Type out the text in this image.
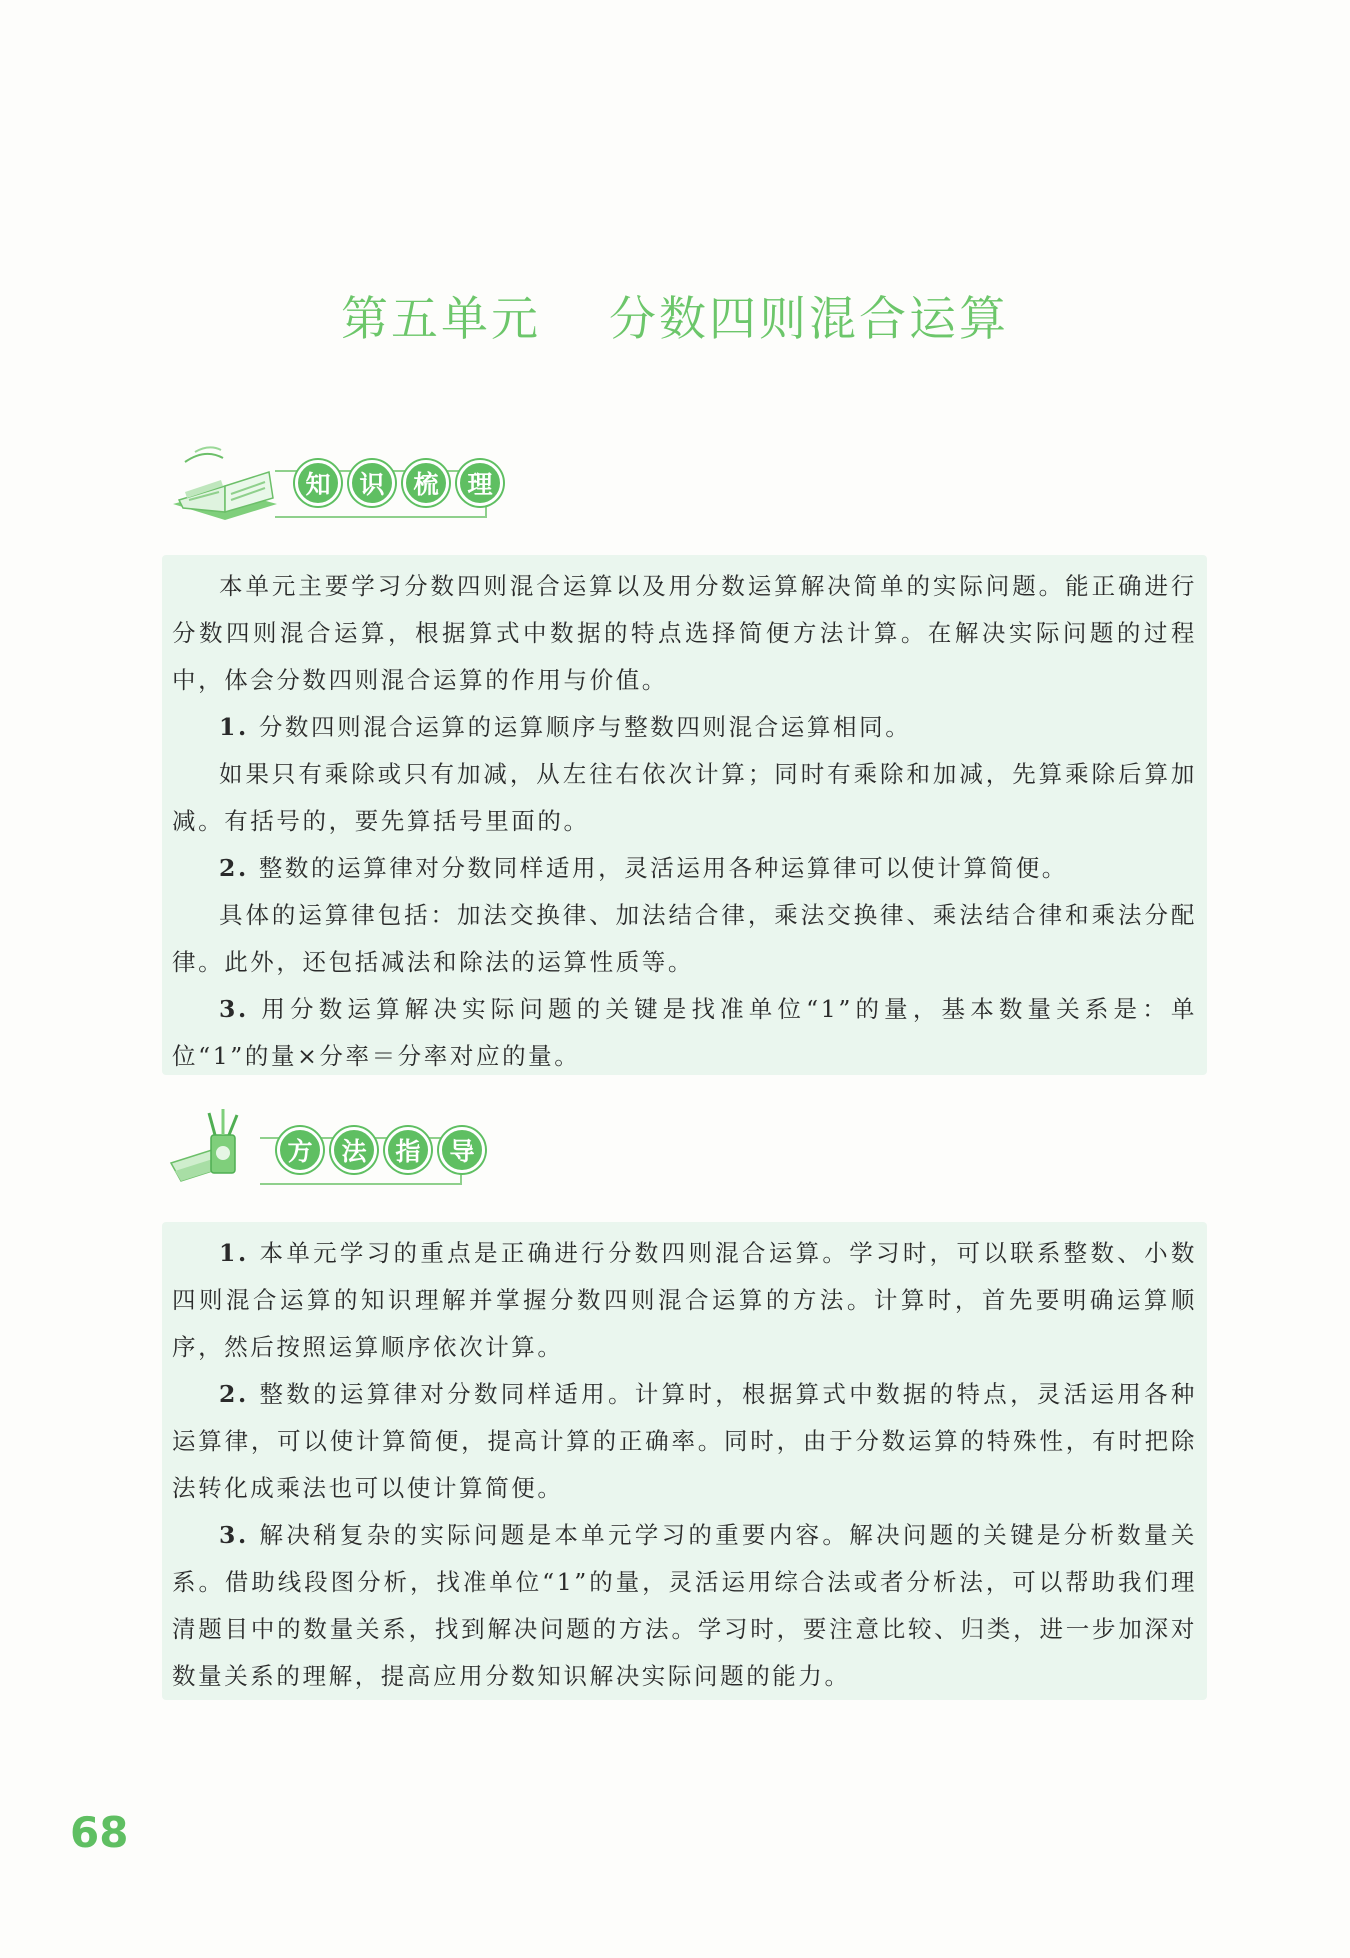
第五单元　 分数四则混合运算
知	识	梳	理

本单元主要学习分数四则混合运算以及用分数运算解决简单的实际问题。能正确进行分数四则混合运算，根据算式中数据的特点选择简便方法计算。在解决实际问题的过程中，体会分数四则混合运算的作用与价值。

1. 分数四则混合运算的运算顺序与整数四则混合运算相同。

如果只有乘除或只有加减，从左往右依次计算；同时有乘除和加减，先算乘除后算加减。有括号的，要先算括号里面的。

2. 整数的运算律对分数同样适用，灵活运用各种运算律可以使计算简便。

具体的运算律包括：加法交换律、加法结合律，乘法交换律、乘法结合律和乘法分配律。此外，还包括减法和除法的运算性质等。

3. 用分数运算解决实际问题的关键是找准单位“1”的量，基本数量关系是：单位“1”的量×分率＝分率对应的量。

方	法	指	导

1. 本单元学习的重点是正确进行分数四则混合运算。学习时，可以联系整数、小数四则混合运算的知识理解并掌握分数四则混合运算的方法。计算时，首先要明确运算顺序，然后按照运算顺序依次计算。

2. 整数的运算律对分数同样适用。计算时，根据算式中数据的特点，灵活运用各种运算律，可以使计算简便，提高计算的正确率。同时，由于分数运算的特殊性，有时把除法转化成乘法也可以使计算简便。

3. 解决稍复杂的实际问题是本单元学习的重要内容。解决问题的关键是分析数量关系。借助线段图分析，找准单位“1”的量，灵活运用综合法或者分析法，可以帮助我们理清题目中的数量关系，找到解决问题的方法。学习时，要注意比较、归类，进一步加深对数量关系的理解，提高应用分数知识解决实际问题的能力。

68
